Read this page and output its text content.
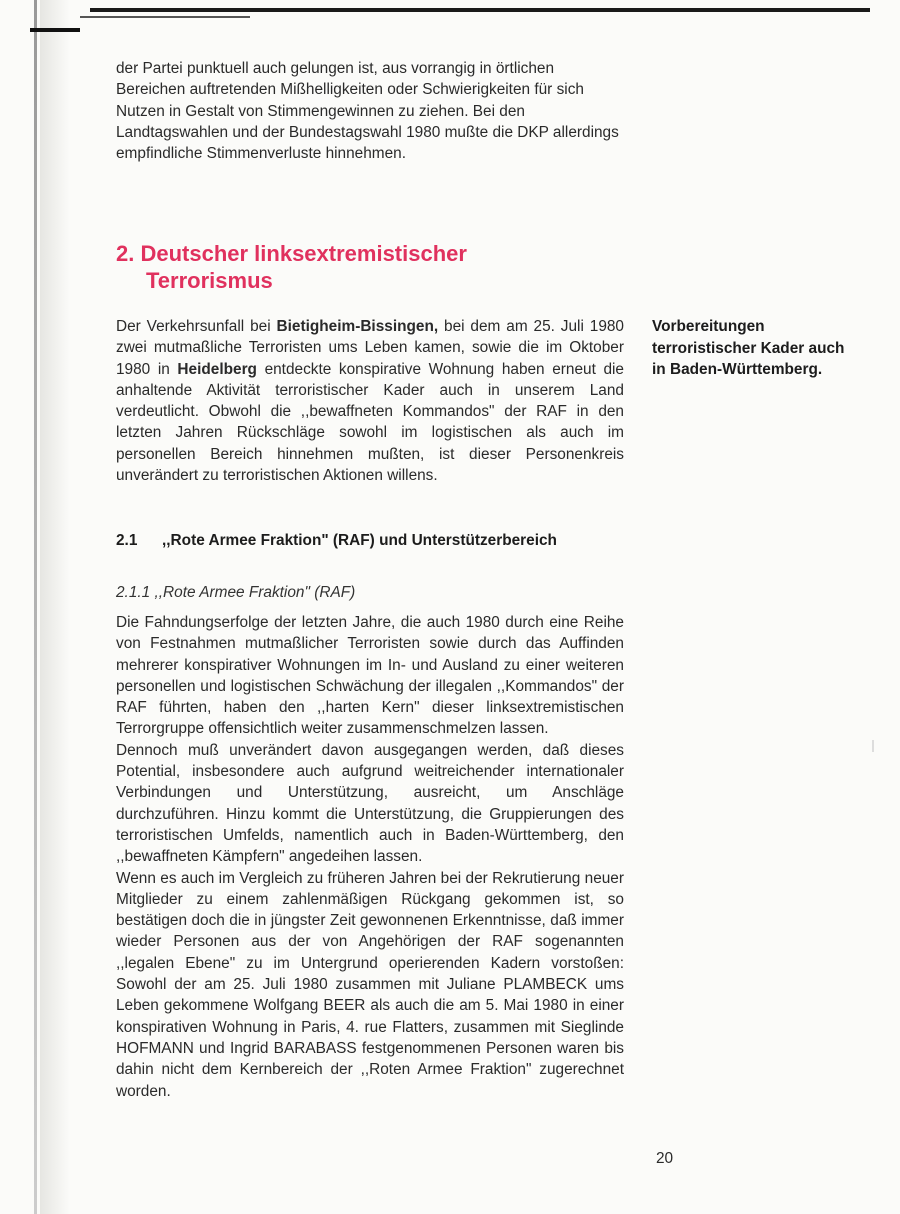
der Partei punktuell auch gelungen ist, aus vorrangig in örtlichen Bereichen auftretenden Mißhelligkeiten oder Schwierigkeiten für sich Nutzen in Gestalt von Stimmengewinnen zu ziehen. Bei den Landtagswahlen und der Bundestagswahl 1980 mußte die DKP allerdings empfindliche Stimmenverluste hinnehmen.

2. Deutscher linksextremistischer
Terrorismus

Der Verkehrsunfall bei Bietigheim-Bissingen, bei dem am 25. Juli 1980 zwei mutmaßliche Terroristen ums Leben kamen, sowie die im Oktober 1980 in Heidelberg entdeckte konspirative Wohnung haben erneut die anhaltende Aktivität terroristischer Kader auch in unserem Land verdeutlicht. Obwohl die ,,bewaffneten Kommandos" der RAF in den letzten Jahren Rückschläge sowohl im logistischen als auch im personellen Bereich hinnehmen mußten, ist dieser Personenkreis unverändert zu terroristischen Aktionen willens.

Vorbereitungen terroristischer Kader auch in Baden-Württemberg.
2.1	,,Rote Armee Fraktion" (RAF) und Unterstützerbereich
2.1.1 ,,Rote Armee Fraktion" (RAF)

Die Fahndungserfolge der letzten Jahre, die auch 1980 durch eine Reihe von Festnahmen mutmaßlicher Terroristen sowie durch das Auffinden mehrerer konspirativer Wohnungen im In- und Ausland zu einer weiteren personellen und logistischen Schwächung der illegalen ,,Kommandos" der RAF führten, haben den ,,harten Kern" dieser linksextremistischen Terrorgruppe offensichtlich weiter zusammenschmelzen lassen.

Dennoch muß unverändert davon ausgegangen werden, daß dieses Potential, insbesondere auch aufgrund weitreichender internationaler Verbindungen und Unterstützung, ausreicht, um Anschläge durchzuführen. Hinzu kommt die Unterstützung, die Gruppierungen des terroristischen Umfelds, namentlich auch in Baden-Württemberg, den ,,bewaffneten Kämpfern" angedeihen lassen.

Wenn es auch im Vergleich zu früheren Jahren bei der Rekrutierung neuer Mitglieder zu einem zahlenmäßigen Rückgang gekommen ist, so bestätigen doch die in jüngster Zeit gewonnenen Erkenntnisse, daß immer wieder Personen aus der von Angehörigen der RAF sogenannten ,,legalen Ebene" zu im Untergrund operierenden Kadern vorstoßen: Sowohl der am 25. Juli 1980 zusammen mit Juliane PLAMBECK ums Leben gekommene Wolfgang BEER als auch die am 5. Mai 1980 in einer konspirativen Wohnung in Paris, 4. rue Flatters, zusammen mit Sieglinde HOFMANN und Ingrid BARABASS festgenommenen Personen waren bis dahin nicht dem Kernbereich der ,,Roten Armee Fraktion" zugerechnet worden.

20
